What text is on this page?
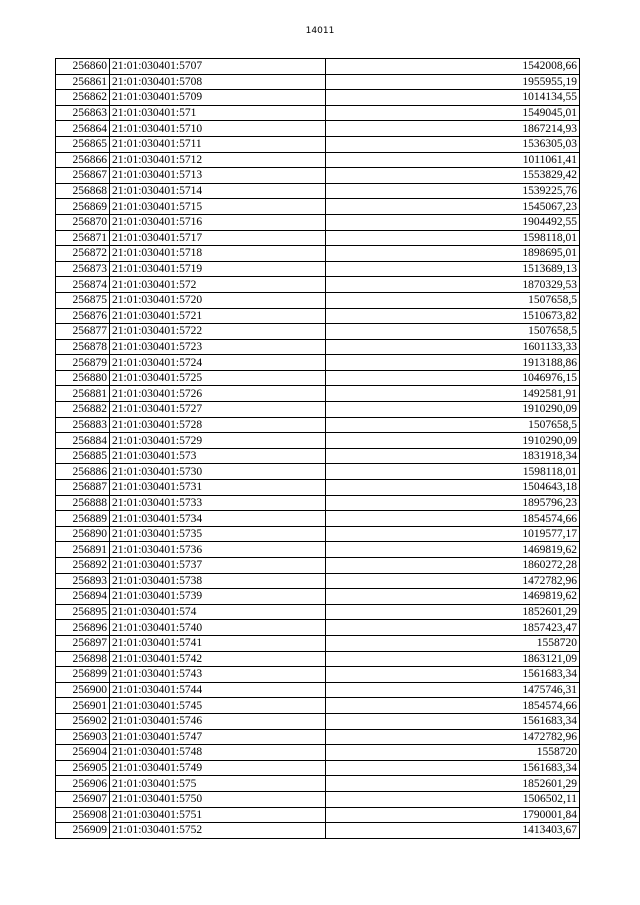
14011
256860	21:01:030401:5707	1542008,66
256861	21:01:030401:5708	1955955,19
256862	21:01:030401:5709	1014134,55
256863	21:01:030401:571	1549045,01
256864	21:01:030401:5710	1867214,93
256865	21:01:030401:5711	1536305,03
256866	21:01:030401:5712	1011061,41
256867	21:01:030401:5713	1553829,42
256868	21:01:030401:5714	1539225,76
256869	21:01:030401:5715	1545067,23
256870	21:01:030401:5716	1904492,55
256871	21:01:030401:5717	1598118,01
256872	21:01:030401:5718	1898695,01
256873	21:01:030401:5719	1513689,13
256874	21:01:030401:572	1870329,53
256875	21:01:030401:5720	1507658,5
256876	21:01:030401:5721	1510673,82
256877	21:01:030401:5722	1507658,5
256878	21:01:030401:5723	1601133,33
256879	21:01:030401:5724	1913188,86
256880	21:01:030401:5725	1046976,15
256881	21:01:030401:5726	1492581,91
256882	21:01:030401:5727	1910290,09
256883	21:01:030401:5728	1507658,5
256884	21:01:030401:5729	1910290,09
256885	21:01:030401:573	1831918,34
256886	21:01:030401:5730	1598118,01
256887	21:01:030401:5731	1504643,18
256888	21:01:030401:5733	1895796,23
256889	21:01:030401:5734	1854574,66
256890	21:01:030401:5735	1019577,17
256891	21:01:030401:5736	1469819,62
256892	21:01:030401:5737	1860272,28
256893	21:01:030401:5738	1472782,96
256894	21:01:030401:5739	1469819,62
256895	21:01:030401:574	1852601,29
256896	21:01:030401:5740	1857423,47
256897	21:01:030401:5741	1558720
256898	21:01:030401:5742	1863121,09
256899	21:01:030401:5743	1561683,34
256900	21:01:030401:5744	1475746,31
256901	21:01:030401:5745	1854574,66
256902	21:01:030401:5746	1561683,34
256903	21:01:030401:5747	1472782,96
256904	21:01:030401:5748	1558720
256905	21:01:030401:5749	1561683,34
256906	21:01:030401:575	1852601,29
256907	21:01:030401:5750	1506502,11
256908	21:01:030401:5751	1790001,84
256909	21:01:030401:5752	1413403,67
